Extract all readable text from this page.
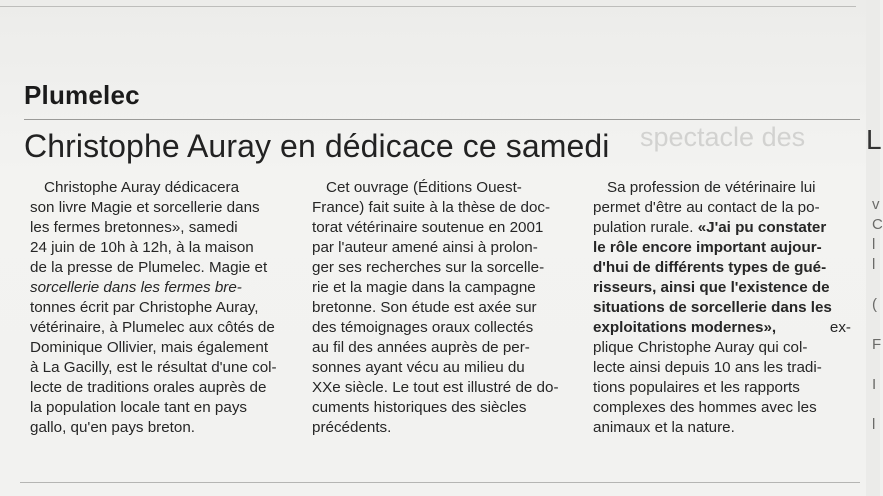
Plumelec
spectacle des
Christophe Auray en dédicace ce samedi
Christophe Auray dédicacera
son livre Magie et sorcellerie dans
les fermes bretonnes», samedi
24 juin de 10h à 12h, à la maison
de la presse de Plumelec. Magie et
sorcellerie dans les fermes bre-
tonnes écrit par Christophe Auray,
vétérinaire, à Plumelec aux côtés de
Dominique Ollivier, mais également
à La Gacilly, est le résultat d'une col-
lecte de traditions orales auprès de
la population locale tant en pays
gallo, qu'en pays breton.
Cet ouvrage (Éditions Ouest-
France) fait suite à la thèse de doc-
torat vétérinaire soutenue en 2001
par l'auteur amené ainsi à prolon-
ger ses recherches sur la sorcelle-
rie et la magie dans la campagne
bretonne. Son étude est axée sur
des témoignages oraux collectés
au fil des années auprès de per-
sonnes ayant vécu au milieu du
XXe siècle. Le tout est illustré de do-
cuments historiques des siècles
précédents.
Sa profession de vétérinaire lui
permet d'être au contact de la po-
pulation rurale. «J'ai pu constater
le rôle encore important aujour-
d'hui de différents types de gué-
risseurs, ainsi que l'existence de
situations de sorcellerie dans les
exploitations modernes»,	ex-
plique Christophe Auray qui col-
lecte ainsi depuis 10 ans les tradi-
tions populaires et les rapports
complexes des hommes avec les
animaux et la nature.
v
C
l
l
(
F
I
l
L
